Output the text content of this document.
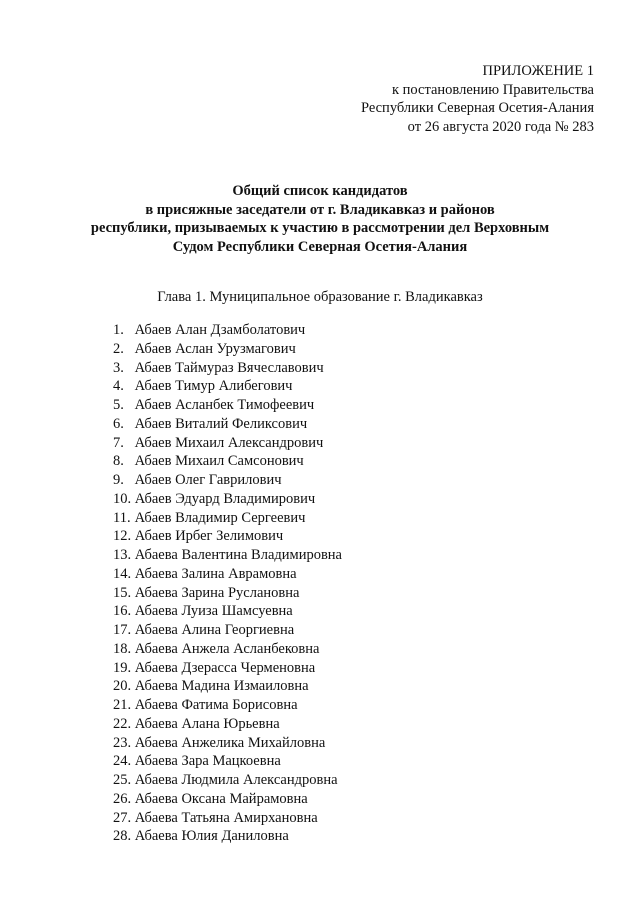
ПРИЛОЖЕНИЕ 1
к постановлению Правительства
Республики Северная Осетия-Алания
от 26 августа 2020 года № 283
Общий список кандидатов
в присяжные заседатели от г. Владикавказ и районов
республики, призываемых к участию в рассмотрении дел Верховным
Судом Республики Северная Осетия-Алания
Глава 1. Муниципальное образование г. Владикавказ
1. Абаев Алан Дзамболатович
2. Абаев Аслан Урузмагович
3. Абаев Таймураз Вячеславович
4. Абаев Тимур Алибегович
5. Абаев Асланбек Тимофеевич
6. Абаев Виталий Феликсович
7. Абаев Михаил Александрович
8. Абаев Михаил Самсонович
9. Абаев Олег Гаврилович
10. Абаев Эдуард Владимирович
11. Абаев Владимир Сергеевич
12. Абаев Ирбег Зелимович
13. Абаева Валентина Владимировна
14. Абаева Залина Аврамовна
15. Абаева Зарина Руслановна
16. Абаева Луиза Шамсуевна
17. Абаева Алина Георгиевна
18. Абаева Анжела Асланбековна
19. Абаева Дзерасса Черменовна
20. Абаева Мадина Измаиловна
21. Абаева Фатима Борисовна
22. Абаева Алана Юрьевна
23. Абаева Анжелика Михайловна
24. Абаева Зара Мацкоевна
25. Абаева Людмила Александровна
26. Абаева Оксана Майрамовна
27. Абаева Татьяна Амирхановна
28. Абаева Юлия Даниловна
